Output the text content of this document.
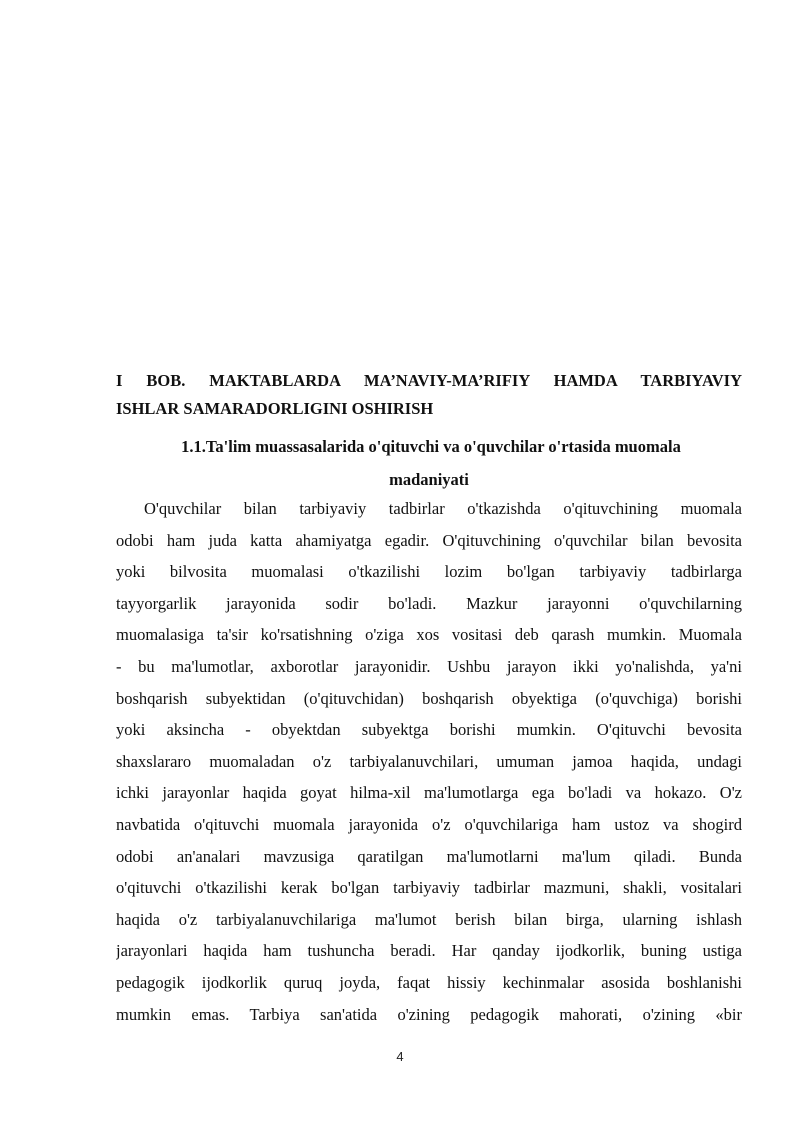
I BOB. MAKTABLARDA MA’NAVIY-MA’RIFIY HAMDA TARBIYAVIY
ISHLAR SAMARADORLIGINI OSHIRISH
1.1.Ta'lim muassasalarida o'qituvchi va o'quvchilar o'rtasida muomala
madaniyati
O'quvchilar bilan tarbiyaviy tadbirlar o'tkazishda o'qituvchining muomala
odobi ham juda katta ahamiyatga egadir. O'qituvchining o'quvchilar bilan bevosita
yoki bilvosita muomalasi o'tkazilishi lozim bo'lgan tarbiyaviy tadbirlarga
tayyorgarlik jarayonida sodir bo'ladi. Mazkur jarayonni o'quvchilarning
muomalasiga ta'sir ko'rsatishning o'ziga xos vositasi deb qarash mumkin. Muomala
- bu ma'lumotlar, axborotlar jarayonidir. Ushbu jarayon ikki yo'nalishda, ya'ni
boshqarish subyektidan (o'qituvchidan) boshqarish obyektiga (o'quvchiga) borishi
yoki aksincha - obyektdan subyektga borishi mumkin. O'qituvchi bevosita
shaxslararo muomaladan o'z tarbiyalanuvchilari, umuman jamoa haqida, undagi
ichki jarayonlar haqida goyat hilma-xil ma'lumotlarga ega bo'ladi va hokazo. O'z
navbatida o'qituvchi muomala jarayonida o'z o'quvchilariga ham ustoz va shogird
odobi an'analari mavzusiga qaratilgan ma'lumotlarni ma'lum qiladi. Bunda
o'qituvchi o'tkazilishi kerak bo'lgan tarbiyaviy tadbirlar mazmuni, shakli, vositalari
haqida o'z tarbiyalanuvchilariga ma'lumot berish bilan birga, ularning ishlash
jarayonlari haqida ham tushuncha beradi. Har qanday ijodkorlik, buning ustiga
pedagogik ijodkorlik quruq joyda, faqat hissiy kechinmalar asosida boshlanishi
mumkin emas. Tarbiya san'atida o'zining pedagogik mahorati, o'zining «bir
4
